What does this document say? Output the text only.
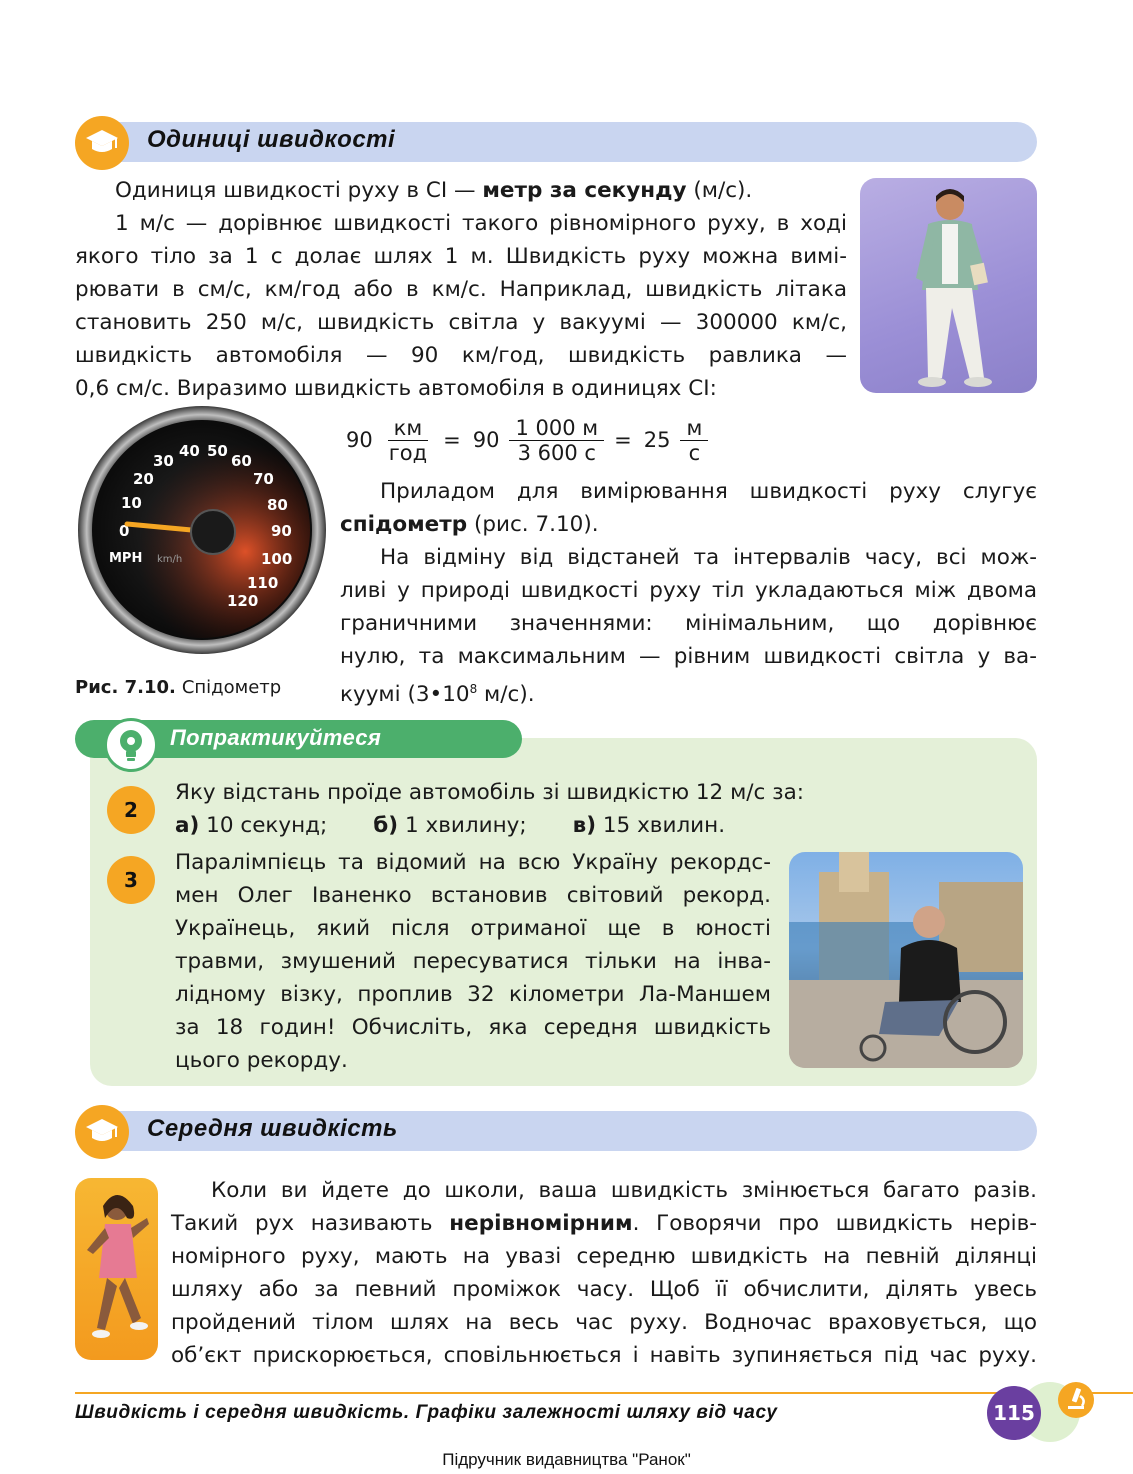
Одиниці швидкості
Одиниця швидкості руху в СІ — метр за секунду (м/с).
1 м/с — дорівнює швидкості такого рівномірного руху, в ході
якого тіло за 1 с долає шлях 1 м. Швидкість руху можна вимі-
рювати в см/с, км/год або в км/с. Наприклад, швидкість літака
становить 250 м/с, швидкість світла у вакуумі — 300000 км/с,
швидкість автомобіля — 90 км/год, швидкість равлика —
0,6 см/с. Виразимо швидкість автомобіля в одиницях СІ:
0
10
20
30
40 50
60
70
80
90
100
110
120
MPH km/h
$90 \frac{км}{\text{год}} = 90 \frac{1 000 м}{3 600 с} = 25 \frac{м}{с}$
Приладом для вимірювання швидкості руху слугує
спідометр (рис. 7.10).
На відміну від відстаней та інтервалів часу, всі мож-
ливі у природі швидкості руху тіл укладаються між двома
граничними значеннями: мінімальним, що дорівнює
нулю, та максимальним — рівним швидкості світла у ва-
куумі ($3•10^8$ м/с).
Рис. 7.10. Спідометр
Попрактикуйтеся
2
Яку відстань проїде автомобіль зі швидкістю 12 м/с за:
а) 10 секунд; б) 1 хвилину; в) 15 хвилин.
3
Паралімпієць та відомий на всю Україну рекордс-
мен Олег Іваненко встановив світовий рекорд.
Українець, який після отриманої ще в юності
травми, змушений пересуватися тільки на інва-
лідному візку, проплив 32 кілометри Ла-Маншем
за 18 годин! Обчисліть, яка середня швидкість
цього рекорду.
Середня швидкість
Коли ви йдете до школи, ваша швидкість змінюється багато разів.
Такий рух називають нерівномірним. Говорячи про швидкість нерів-
номірного руху, мають на увазі середню швидкість на певній ділянці
шляху або за певний проміжок часу. Щоб її обчислити, ділять увесь
пройдений тілом шлях на весь час руху. Водночас враховується, що
об’єкт прискорюється, сповільнюється і навіть зупиняється під час руху.
Швидкість і середня швидкість. Графіки залежності шляху від часу	115
Підручник видавництва "Ранок"
